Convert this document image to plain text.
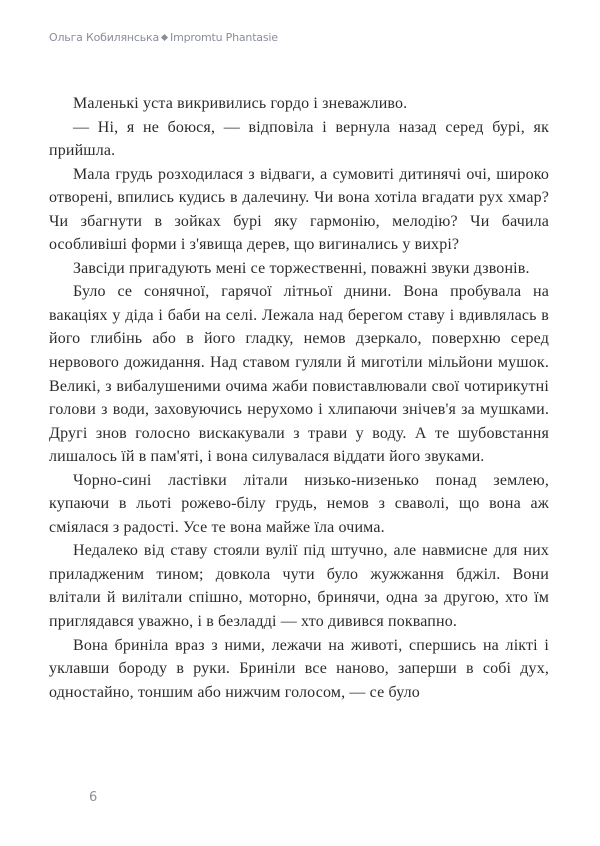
Ольга Кобилянська Impromtu Phantasie

Маленькі уста викривились гордо і зневажливо.

— Ні, я не боюся, — відповіла і вернула назад серед бурі, як прийшла.

Мала грудь розходилася з відваги, а сумовиті дитинячі очі, широко отворені, впились кудись в далечину. Чи вона хотіла вгадати рух хмар? Чи збагнути в зойках бурі яку гармонію, мелодію? Чи бачила особливіші форми і з'явища дерев, що вигинались у вихрі?

Завсіди пригадують мені се торжественні, поважні звуки дзвонів.

Було се сонячної, гарячої літньої днини. Вона пробувала на вакаціях у діда і баби на селі. Лежала над берегом ставу і вдивлялась в його глибінь або в його гладку, немов дзеркало, поверхню серед нервового дожидання. Над ставом гуляли й миготіли мільйони мушок. Великі, з вибалушеними очима жаби повиставлювали свої чотирикутні голови з води, заховуючись нерухомо і хлипаючи знічев'я за мушками. Другі знов голосно вискакували з трави у воду. А те шубовстання лишалось їй в пам'яті, і вона силувалася віддати його звуками.

Чорно-сині ластівки літали низько-низенько понад землею, купаючи в льоті рожево-білу грудь, немов з сваволі, що вона аж сміялася з радості. Усе те вона майже їла очима.

Недалеко від ставу стояли вулії під штучно, але навмисне для них приладженим тином; довкола чути було жужжання бджіл. Вони влітали й вилітали спішно, моторно, бринячи, одна за другою, хто їм приглядався уважно, і в безладді — хто дивився поквапно.

Вона бриніла враз з ними, лежачи на животі, спершись на лікті і уклавши бороду в руки. Бриніли все наново, заперши в собі дух, одностайно, тоншим або нижчим голосом, — се було

6
